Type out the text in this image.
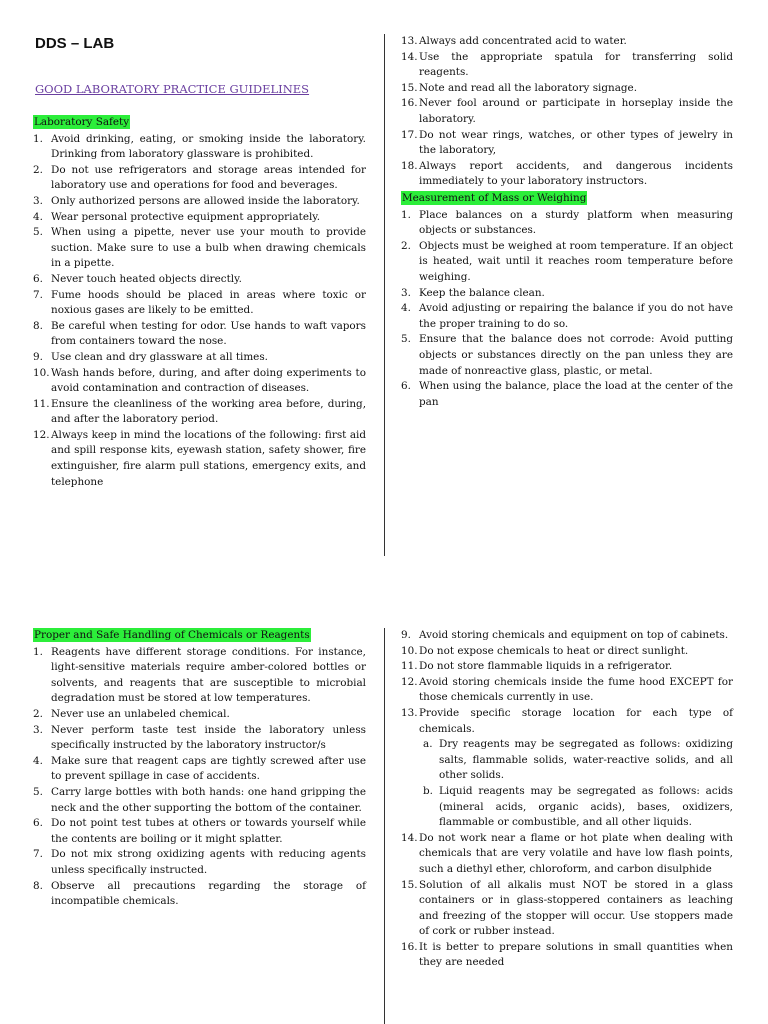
DDS – LAB
GOOD LABORATORY PRACTICE GUIDELINES
Laboratory Safety
1. Avoid drinking, eating, or smoking inside the laboratory. Drinking from laboratory glassware is prohibited.
2. Do not use refrigerators and storage areas intended for laboratory use and operations for food and beverages.
3. Only authorized persons are allowed inside the laboratory.
4. Wear personal protective equipment appropriately.
5. When using a pipette, never use your mouth to provide suction. Make sure to use a bulb when drawing chemicals in a pipette.
6. Never touch heated objects directly.
7. Fume hoods should be placed in areas where toxic or noxious gases are likely to be emitted.
8. Be careful when testing for odor. Use hands to waft vapors from containers toward the nose.
9. Use clean and dry glassware at all times.
10. Wash hands before, during, and after doing experiments to avoid contamination and contraction of diseases.
11. Ensure the cleanliness of the working area before, during, and after the laboratory period.
12. Always keep in mind the locations of the following: first aid and spill response kits, eyewash station, safety shower, fire extinguisher, fire alarm pull stations, emergency exits, and telephone
13. Always add concentrated acid to water.
14. Use the appropriate spatula for transferring solid reagents.
15. Note and read all the laboratory signage.
16. Never fool around or participate in horseplay inside the laboratory.
17. Do not wear rings, watches, or other types of jewelry in the laboratory,
18. Always report accidents, and dangerous incidents immediately to your laboratory instructors.
Measurement of Mass or Weighing
1. Place balances on a sturdy platform when measuring objects or substances.
2. Objects must be weighed at room temperature. If an object is heated, wait until it reaches room temperature before weighing.
3. Keep the balance clean.
4. Avoid adjusting or repairing the balance if you do not have the proper training to do so.
5. Ensure that the balance does not corrode: Avoid putting objects or substances directly on the pan unless they are made of nonreactive glass, plastic, or metal.
6. When using the balance, place the load at the center of the pan
Proper and Safe Handling of Chemicals or Reagents
1. Reagents have different storage conditions. For instance, light-sensitive materials require amber-colored bottles or solvents, and reagents that are susceptible to microbial degradation must be stored at low temperatures.
2. Never use an unlabeled chemical.
3. Never perform taste test inside the laboratory unless specifically instructed by the laboratory instructor/s
4. Make sure that reagent caps are tightly screwed after use to prevent spillage in case of accidents.
5. Carry large bottles with both hands: one hand gripping the neck and the other supporting the bottom of the container.
6. Do not point test tubes at others or towards yourself while the contents are boiling or it might splatter.
7. Do not mix strong oxidizing agents with reducing agents unless specifically instructed.
8. Observe all precautions regarding the storage of incompatible chemicals.
9. Avoid storing chemicals and equipment on top of cabinets.
10. Do not expose chemicals to heat or direct sunlight.
11. Do not store flammable liquids in a refrigerator.
12. Avoid storing chemicals inside the fume hood EXCEPT for those chemicals currently in use.
13. Provide specific storage location for each type of chemicals.
a. Dry reagents may be segregated as follows: oxidizing salts, flammable solids, water-reactive solids, and all other solids.
b. Liquid reagents may be segregated as follows: acids (mineral acids, organic acids), bases, oxidizers, flammable or combustible, and all other liquids.
14. Do not work near a flame or hot plate when dealing with chemicals that are very volatile and have low flash points, such a diethyl ether, chloroform, and carbon disulphide
15. Solution of all alkalis must NOT be stored in a glass containers or in glass-stoppered containers as leaching and freezing of the stopper will occur. Use stoppers made of cork or rubber instead.
16. It is better to prepare solutions in small quantities when they are needed
